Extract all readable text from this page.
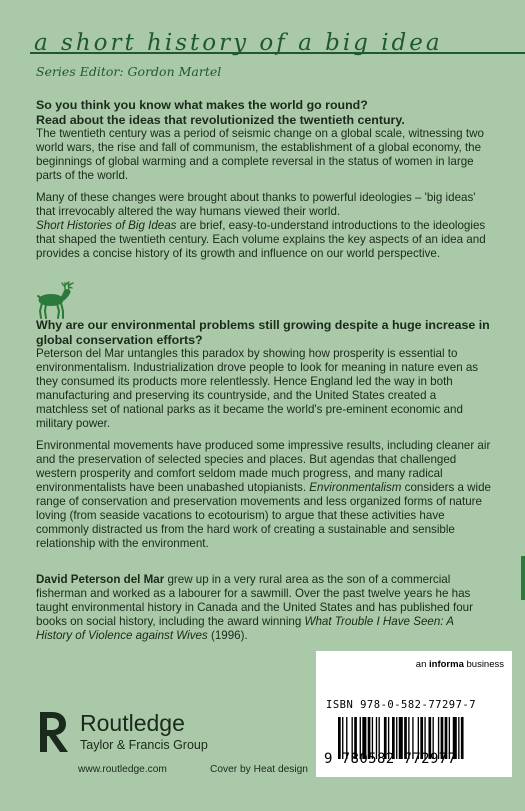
a short history of a big idea
Series Editor: Gordon Martel

So you think you know what makes the world go round?

Read about the ideas that revolutionized the twentieth century.

The twentieth century was a period of seismic change on a global scale, witnessing two world wars, the rise and fall of communism, the establishment of a global economy, the beginnings of global warming and a complete reversal in the status of women in large parts of the world.

Many of these changes were brought about thanks to powerful ideologies – 'big ideas' that irrevocably altered the way humans viewed their world.
Short Histories of Big Ideas are brief, easy-to-understand introductions to the ideologies that shaped the twentieth century. Each volume explains the key aspects of an idea and provides a concise history of its growth and influence on our world perspective.

Why are our environmental problems still growing despite a huge increase in global conservation efforts?

Peterson del Mar untangles this paradox by showing how prosperity is essential to environmentalism. Industrialization drove people to look for meaning in nature even as they consumed its products more relentlessly. Hence England led the way in both manufacturing and preserving its countryside, and the United States created a matchless set of national parks as it became the world's pre-eminent economic and military power.

Environmental movements have produced some impressive results, including cleaner air and the preservation of selected species and places. But agendas that challenged western prosperity and comfort seldom made much progress, and many radical environmentalists have been unabashed utopianists. Environmentalism considers a wide range of conservation and preservation movements and less organized forms of nature loving (from seaside vacations to ecotourism) to argue that these activities have commonly distracted us from the hard work of creating a sustainable and sensible relationship with the environment.

David Peterson del Mar grew up in a very rural area as the son of a commercial fisherman and worked as a labourer for a sawmill. Over the past twelve years he has taught environmental history in Canada and the United States and has published four books on social history, including the award winning What Trouble I Have Seen: A History of Violence against Wives (1996).

an informa business
ISBN 978-0-582-77297-7
9 780582 772977
Routledge
Taylor & Francis Group
www.routledge.com	Cover by Heat design
